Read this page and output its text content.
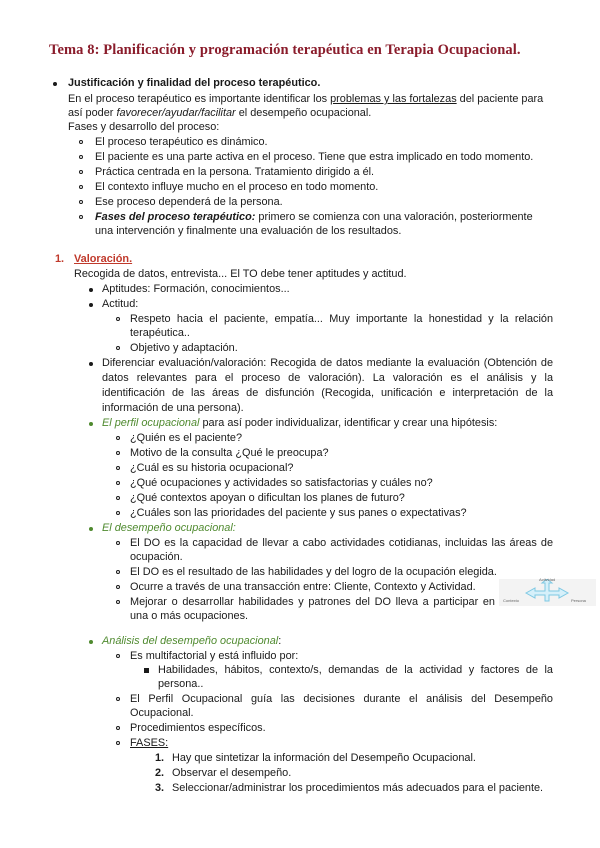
Tema 8: Planificación y programación terapéutica en Terapia Ocupacional.
Justificación y finalidad del proceso terapéutico.
En el proceso terapéutico es importante identificar los problemas y las fortalezas del paciente para
así poder favorecer/ayudar/facilitar el desempeño ocupacional.
Fases y desarrollo del proceso:
El proceso terapéutico es dinámico.
El paciente es una parte activa en el proceso. Tiene que estra implicado en todo momento.
Práctica centrada en la persona. Tratamiento dirigido a él.
El contexto influye mucho en el proceso en todo momento.
Ese proceso dependerá de la persona.
Fases del proceso terapéutico: primero se comienza con una valoración, posteriormente
una intervención y finalmente una evaluación de los resultados.
1. Valoración.
Recogida de datos, entrevista... El TO debe tener aptitudes y actitud.
Aptitudes: Formación, conocimientos...
Actitud:
Respeto hacia el paciente, empatía... Muy importante la honestidad y la relación
terapéutica..
Objetivo y adaptación.
Diferenciar evaluación/valoración: Recogida de datos mediante la evaluación (Obtención de
datos relevantes para el proceso de valoración). La valoración es el análisis y la
identificación de las áreas de disfunción (Recogida, unificación e interpretación de la
información de una persona).
El perfil ocupacional para así poder individualizar, identificar y crear una hipótesis:
¿Quién es el paciente?
Motivo de la consulta ¿Qué le preocupa?
¿Cuál es su historia ocupacional?
¿Qué ocupaciones y actividades so satisfactorias y cuáles no?
¿Qué contextos apoyan o dificultan los planes de futuro?
¿Cuáles son las prioridades del paciente y sus panes o expectativas?
El desempeño ocupacional:
El DO es la capacidad de llevar a cabo actividades cotidianas, incluidas las áreas de
ocupación.
El DO es el resultado de las habilidades y del logro de la ocupación elegida.
Ocurre a través de una transacción entre: Cliente, Contexto y Actividad.
Mejorar o desarrollar habilidades y patrones del DO lleva a participar en
una o más ocupaciones.
Actividad
Contexto	Persona
Análisis del desempeño ocupacional:
Es multifactorial y está influido por:
Habilidades, hábitos, contexto/s, demandas de la actividad y factores de la
persona..
El Perfil Ocupacional guía las decisiones durante el análisis del Desempeño
Ocupacional.
Procedimientos específicos.
FASES:
1. Hay que sintetizar la información del Desempeño Ocupacional.
2. Observar el desempeño.
3. Seleccionar/administrar los procedimientos más adecuados para el paciente.
